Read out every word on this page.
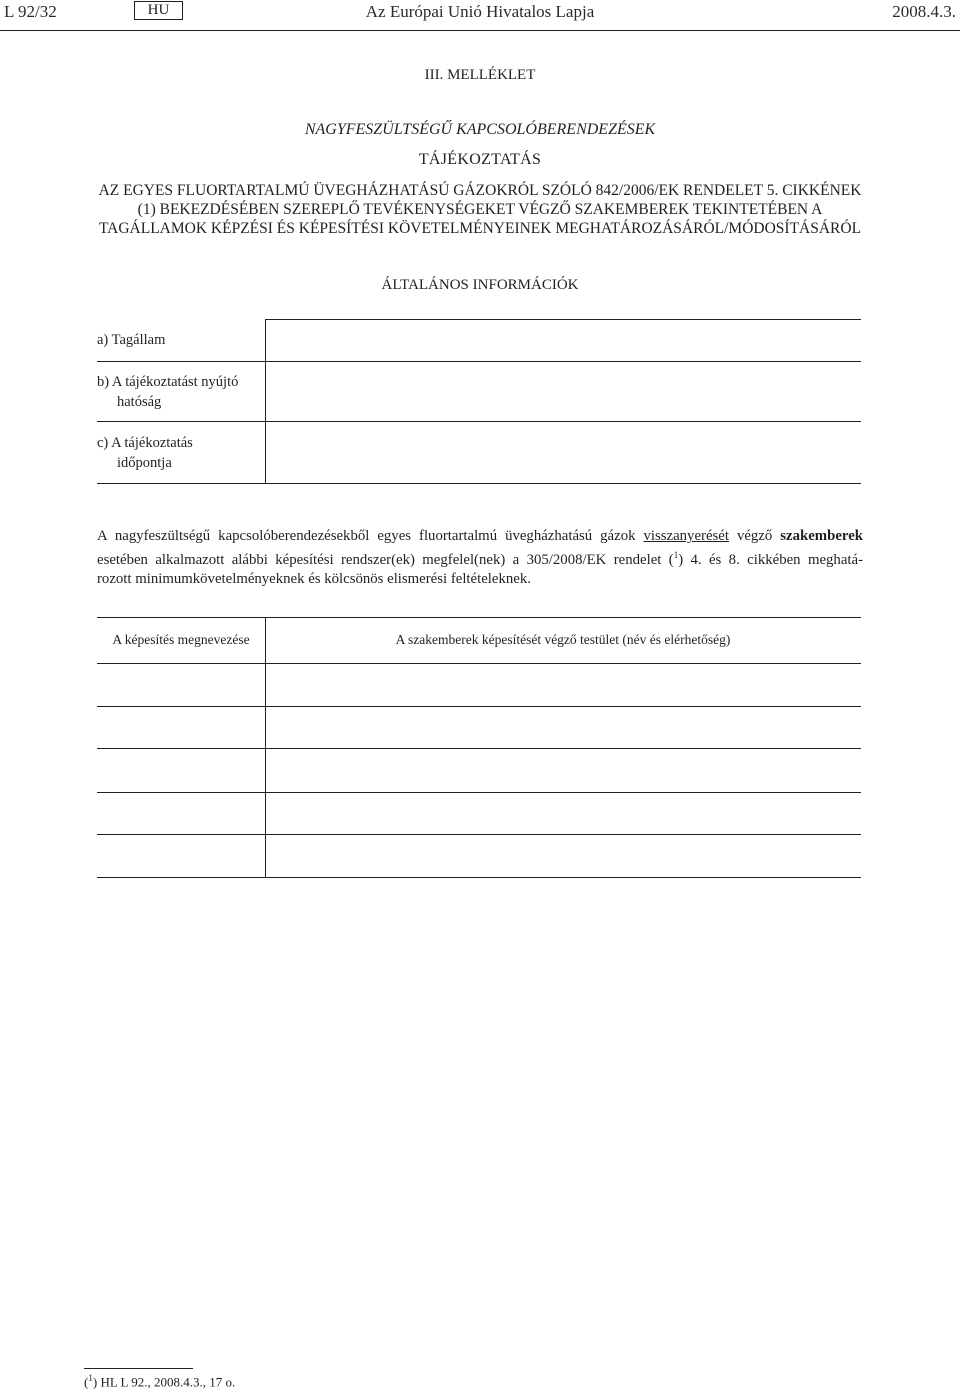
L 92/32	HU	Az Európai Unió Hivatalos Lapja	2008.4.3.
III. MELLÉKLET
NAGYFESZÜLTSÉGŰ KAPCSOLÓBERENDEZÉSEK
TÁJÉKOZTATÁS
AZ EGYES FLUORTARTALMÚ ÜVEGHÁZHATÁSÚ GÁZOKRÓL SZÓLÓ 842/2006/EK RENDELET 5. CIKKÉNEK (1) BEKEZDÉSÉBEN SZEREPLŐ TEVÉKENYSÉGEKET VÉGZŐ SZAKEMBEREK TEKINTETÉBEN A TAGÁLLAMOK KÉPZÉSI ÉS KÉPESÍTÉSI KÖVETELMÉNYEINEK MEGHATÁROZÁSÁRÓL/MÓDOSÍTÁSÁRÓL
ÁLTALÁNOS INFORMÁCIÓK
a) Tagállam
b) A tájékoztatást nyújtó
hatóság
c) A tájékoztatás
időpontja
A nagyfeszültségű kapcsolóberendezésekből egyes fluortartalmú üvegházhatású gázok visszanyerését végző szakemberek esetében alkalmazott alábbi képesítési rendszer(ek) megfelel(nek) a 305/2008/EK rendelet ($^1$) 4. és 8. cikkében meghatá-
rozott minimumkövetelményeknek és kölcsönös elismerési feltételeknek.
A képesítés megnevezése	A szakemberek képesítését végző testület (név és elérhetőség)
($^1$) HL L 92., 2008.4.3., 17 o.
